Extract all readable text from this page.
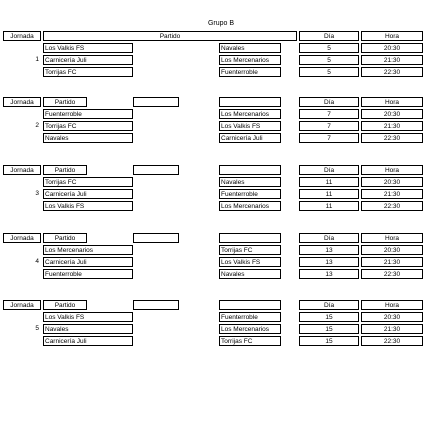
Grupo B
Jornada	Partido	Día	Hora
Los Valkis FS	Navales	5	20:30
1 Carnicería Juli	Los Mercenarios	5	21:30
Torrijas FC	Fuenterroble	5	22:30
Jornada	Partido	Día	Hora
Fuenterroble	Los Mercenarios	7	20:30
2 Torrijas FC	Los Valkis FS	7	21:30
Navales	Carnicería Juli	7	22:30
Jornada	Partido	Día	Hora
Torrijas FC	Navales	11	20:30
3 Carnicería Juli	Fuenterroble	11	21:30
Los Valkis FS	Los Mercenarios	11	22:30
Jornada	Partido	Día	Hora
Los Mercenarios	Torrijas FC	13	20:30
4 Carnicería Juli	Los Valkis FS	13	21:30
Fuenterroble	Navales	13	22:30
Jornada	Partido	Día	Hora
Los Valkis FS	Fuenterroble	15	20:30
5 Navales	Los Mercenarios	15	21:30
Carnicería Juli	Torrijas FC	15	22:30
